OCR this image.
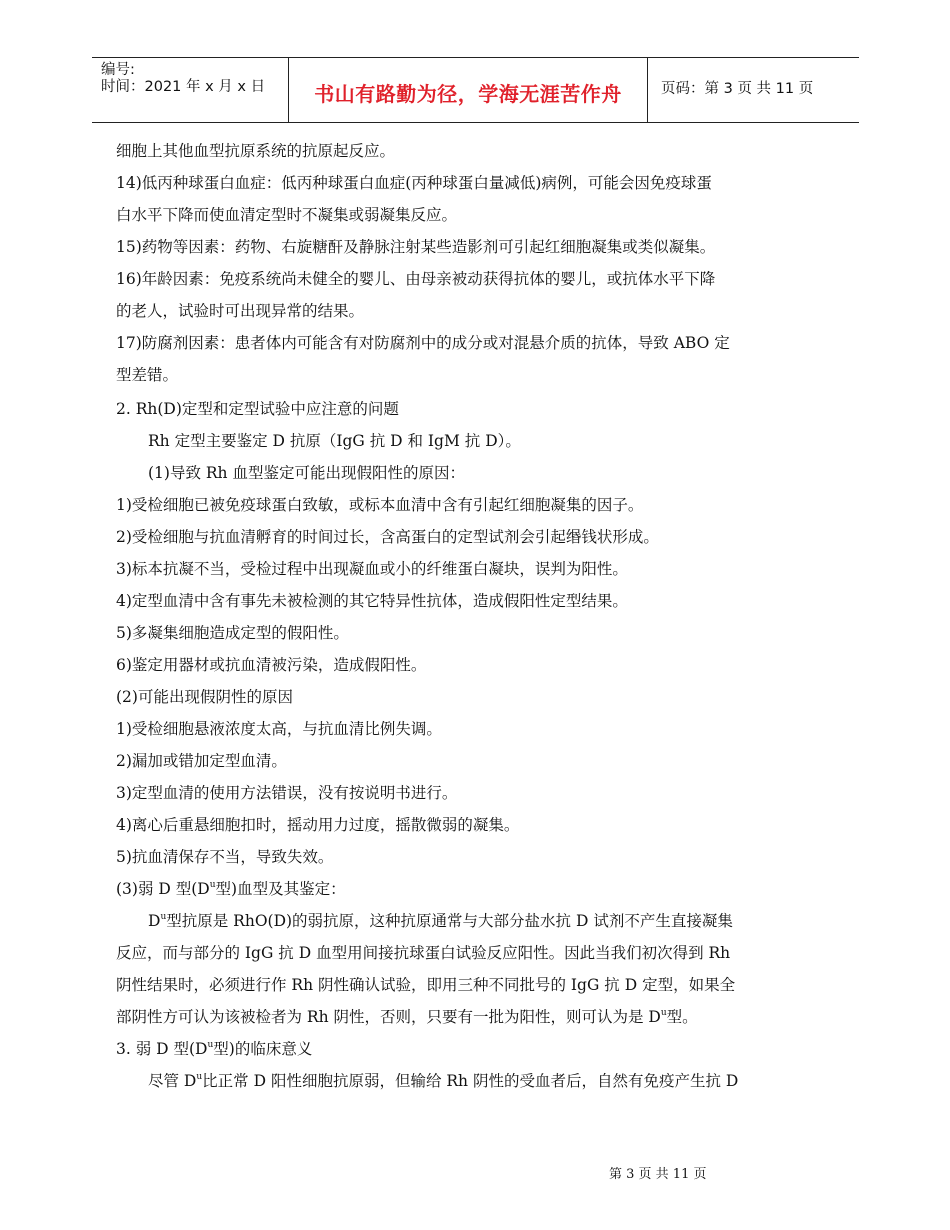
编号:
时间：2021 年 x 月 x 日	书山有路勤为径，学海无涯苦作舟	页码：第 3 页 共 11 页
细胞上其他血型抗原系统的抗原起反应。
14)低丙种球蛋白血症：低丙种球蛋白血症(丙种球蛋白量减低)病例，可能会因免疫球蛋
白水平下降而使血清定型时不凝集或弱凝集反应。
15)药物等因素：药物、右旋糖酐及静脉注射某些造影剂可引起红细胞凝集或类似凝集。
16)年龄因素：免疫系统尚未健全的婴儿、由母亲被动获得抗体的婴儿，或抗体水平下降
的老人，试验时可出现异常的结果。
17)防腐剂因素：患者体内可能含有对防腐剂中的成分或对混悬介质的抗体，导致 ABO 定
型差错。
2. Rh(D)定型和定型试验中应注意的问题
Rh 定型主要鉴定 D 抗原（IgG 抗 D 和 IgM 抗 D）。
(1)导致 Rh 血型鉴定可能出现假阳性的原因：
1)受检细胞已被免疫球蛋白致敏，或标本血清中含有引起红细胞凝集的因子。
2)受检细胞与抗血清孵育的时间过长，含高蛋白的定型试剂会引起缗钱状形成。
3)标本抗凝不当，受检过程中出现凝血或小的纤维蛋白凝块，误判为阳性。
4)定型血清中含有事先未被检测的其它特异性抗体，造成假阳性定型结果。
5)多凝集细胞造成定型的假阳性。
6)鉴定用器材或抗血清被污染，造成假阳性。
(2)可能出现假阴性的原因
1)受检细胞悬液浓度太高，与抗血清比例失调。
2)漏加或错加定型血清。
3)定型血清的使用方法错误，没有按说明书进行。
4)离心后重悬细胞扣时，摇动用力过度，摇散微弱的凝集。
5)抗血清保存不当，导致失效。
(3)弱 D 型($D^u$型)血型及其鉴定：
$D^u$型抗原是 RhO(D)的弱抗原，这种抗原通常与大部分盐水抗 D 试剂不产生直接凝集
反应，而与部分的 IgG 抗 D 血型用间接抗球蛋白试验反应阳性。因此当我们初次得到 Rh
阴性结果时，必须进行作 Rh 阴性确认试验，即用三种不同批号的 IgG 抗 D 定型，如果全
部阴性方可认为该被检者为 Rh 阴性，否则，只要有一批为阳性，则可认为是 $D^u$型。
3. 弱 D 型($D^u$型)的临床意义
尽管 $D^u$比正常 D 阳性细胞抗原弱，但输给 Rh 阴性的受血者后，自然有免疫产生抗 D
第 3 页 共 11 页
